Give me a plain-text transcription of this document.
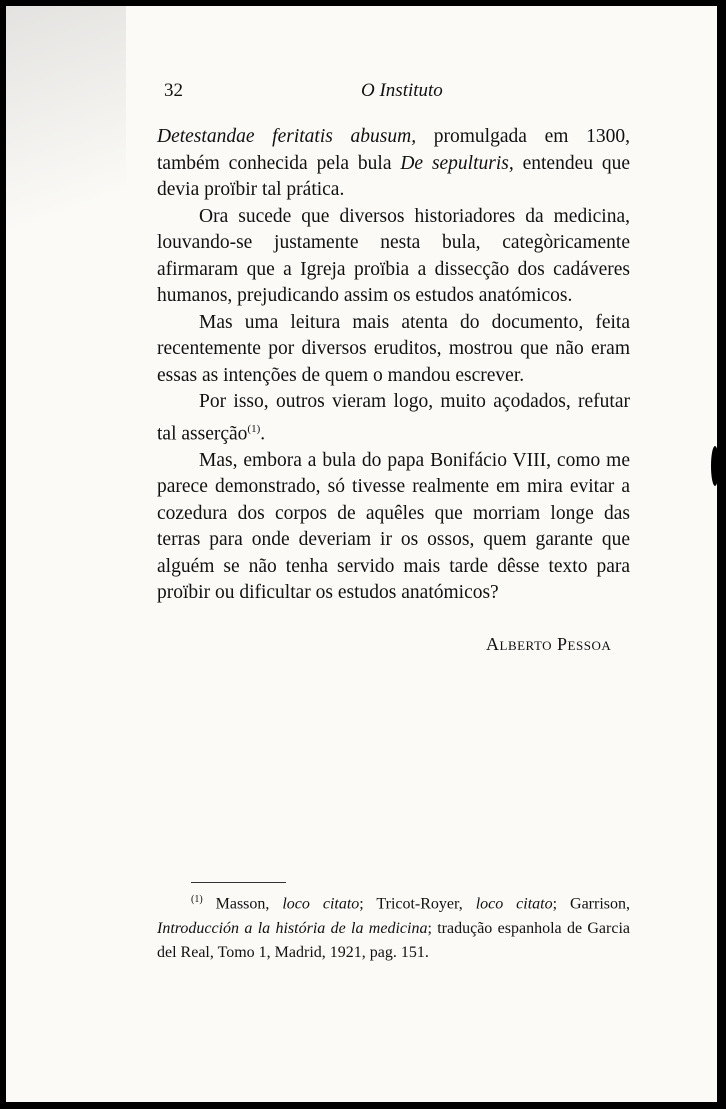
32	O Instituto

Detestandae feritatis abusum, promulgada em 1300, também conhecida pela bula De sepulturis, entendeu que devia proïbir tal prática.

Ora sucede que diversos historiadores da medicina, louvando-se justamente nesta bula, categòricamente afirmaram que a Igreja proïbia a dissecção dos cadáveres humanos, prejudicando assim os estudos anatómicos.

Mas uma leitura mais atenta do documento, feita recentemente por diversos eruditos, mostrou que não eram essas as intenções de quem o mandou escrever.

Por isso, outros vieram logo, muito açodados, refutar tal asserção$^{(1)}$.

Mas, embora a bula do papa Bonifácio VIII, como me parece demonstrado, só tivesse realmente em mira evitar a cozedura dos corpos de aquêles que morriam longe das terras para onde deveriam ir os ossos, quem garante que alguém se não tenha servido mais tarde dêsse texto para proïbir ou dificultar os estudos anatómicos?

Alberto Pessoa

$^{(1)}$ Masson, loco citato; Tricot-Royer, loco citato; Garrison, Introducción a la história de la medicina; tradução espanhola de Garcia del Real, Tomo 1, Madrid, 1921, pag. 151.
